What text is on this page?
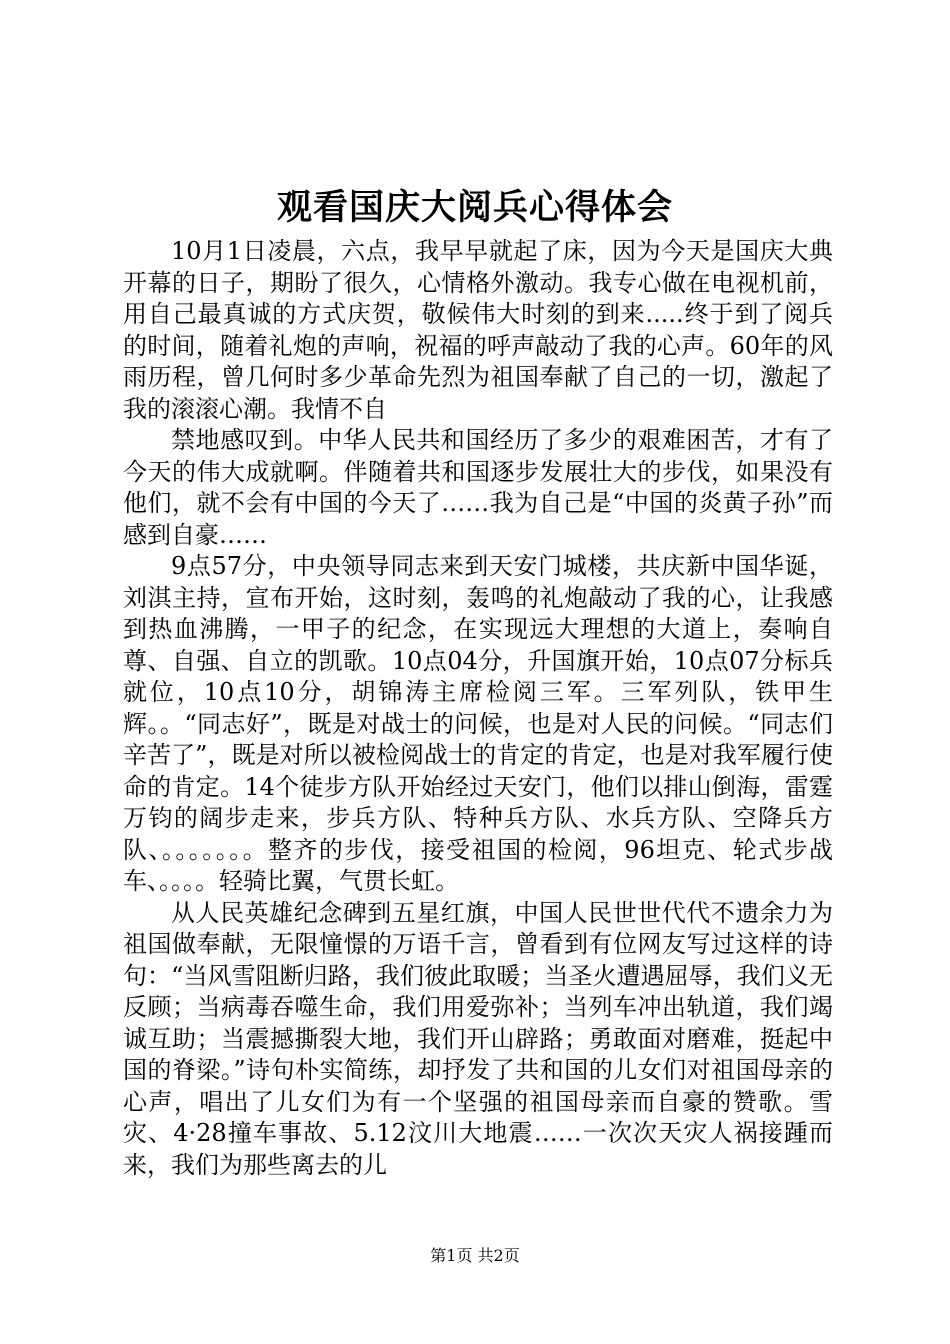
观看国庆大阅兵心得体会

10月1日凌晨，六点，我早早就起了床，因为今天是国庆大典开幕的日子，期盼了很久，心情格外激动。我专心做在电视机前，用自己最真诚的方式庆贺，敬候伟大时刻的到来.....终于到了阅兵的时间，随着礼炮的声响，祝福的呼声敲动了我的心声。60年的风雨历程，曾几何时多少革命先烈为祖国奉献了自己的一切，激起了我的滚滚心潮。我情不自

禁地感叹到。中华人民共和国经历了多少的艰难困苦，才有了今天的伟大成就啊。伴随着共和国逐步发展壮大的步伐，如果没有他们，就不会有中国的今天了……我为自己是“中国的炎黄子孙”而感到自豪……

9点57分，中央领导同志来到天安门城楼，共庆新中国华诞，刘淇主持，宣布开始，这时刻，轰鸣的礼炮敲动了我的心，让我感到热血沸腾，一甲子的纪念，在实现远大理想的大道上，奏响自尊、自强、自立的凯歌。10点04分，升国旗开始，10点07分标兵就位，10点10分，胡锦涛主席检阅三军。三军列队，铁甲生辉。。“同志好”，既是对战士的问候，也是对人民的问候。“同志们辛苦了”，既是对所以被检阅战士的肯定的肯定，也是对我军履行使命的肯定。14个徒步方队开始经过天安门，他们以排山倒海，雷霆万钧的阔步走来，步兵方队、特种兵方队、水兵方队、空降兵方队、。。。。。。。整齐的步伐，接受祖国的检阅，96坦克、轮式步战车、。。。。轻骑比翼，气贯长虹。

从人民英雄纪念碑到五星红旗，中国人民世世代代不遗余力为祖国做奉献，无限憧憬的万语千言，曾看到有位网友写过这样的诗句：“当风雪阻断归路，我们彼此取暖；当圣火遭遇屈辱，我们义无反顾；当病毒吞噬生命，我们用爱弥补；当列车冲出轨道，我们竭诚互助；当震撼撕裂大地，我们开山辟路；勇敢面对磨难，挺起中国的脊梁。”诗句朴实简练，却抒发了共和国的儿女们对祖国母亲的心声，唱出了儿女们为有一个坚强的祖国母亲而自豪的赞歌。雪灾、4·28撞车事故、5.12汶川大地震……一次次天灾人祸接踵而来，我们为那些离去的儿

第1页 共2页
